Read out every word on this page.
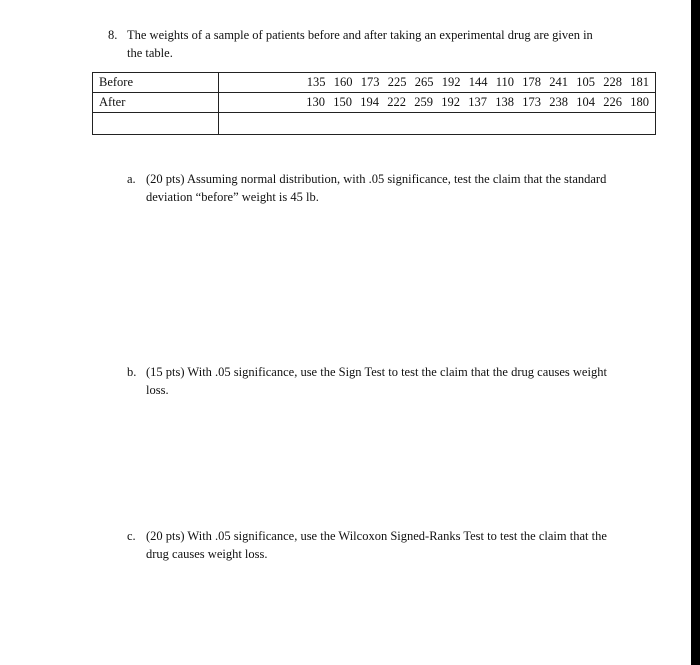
8. The weights of a sample of patients before and after taking an experimental drug are given in the table.
Before	135  160  173  225  265  192  144  110  178  241  105  228  181
After	130  150  194  222  259  192  137  138  173  238  104  226  180

a. (20 pts) Assuming normal distribution, with .05 significance, test the claim that the standard deviation “before” weight is 45 lb.
b. (15 pts) With .05 significance, use the Sign Test to test the claim that the drug causes weight loss.
c. (20 pts) With .05 significance, use the Wilcoxon Signed-Ranks Test to test the claim that the drug causes weight loss.
